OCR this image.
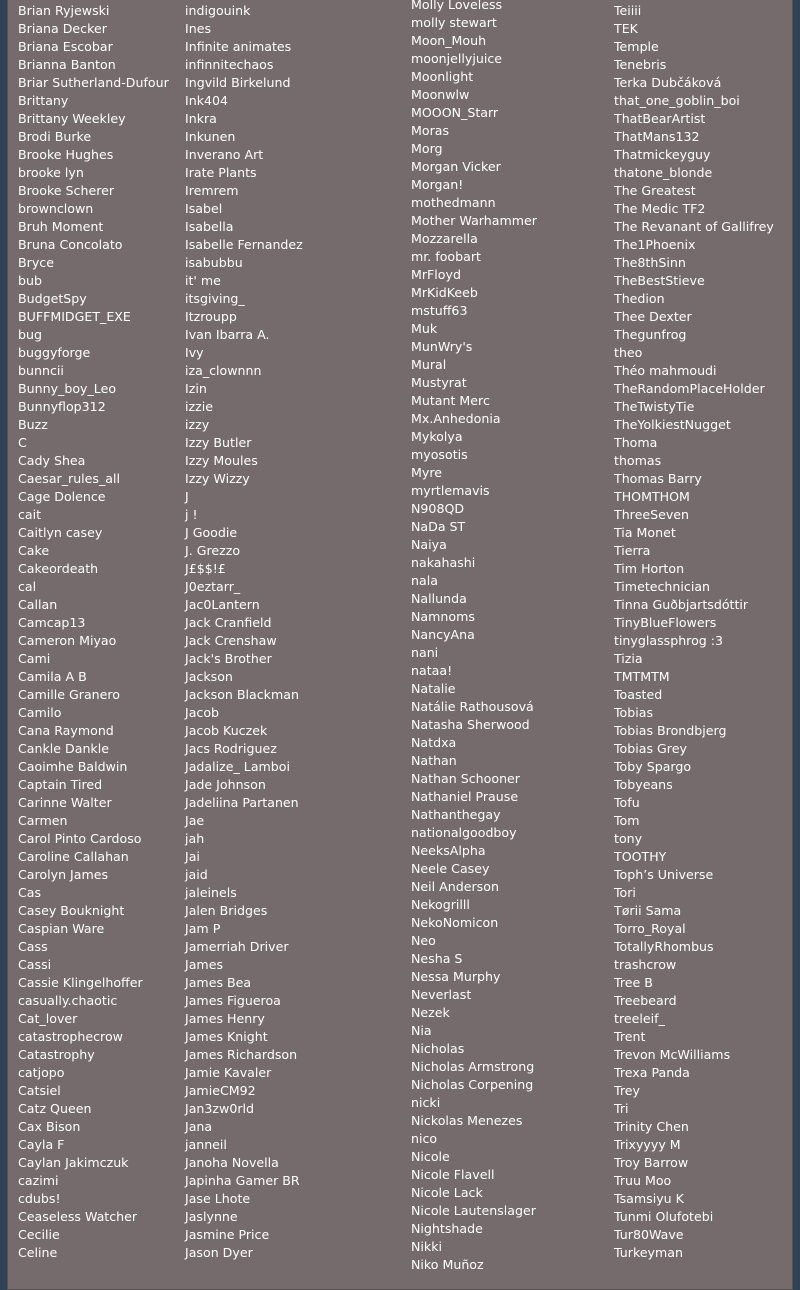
Brian Ryjewski
Briana Decker
Briana Escobar
Brianna Banton
Briar Sutherland-Dufour
Brittany
Brittany Weekley
Brodi Burke
Brooke Hughes
brooke lyn
Brooke Scherer
brownclown
Bruh Moment
Bruna Concolato
Bryce
bub
BudgetSpy
BUFFMIDGET_EXE
bug
buggyforge
bunncii
Bunny_boy_Leo
Bunnyflop312
Buzz
C
Cady Shea
Caesar_rules_all
Cage Dolence
cait
Caitlyn casey
Cake
Cakeordeath
cal
Callan
Camcap13
Cameron Miyao
Cami
Camila A B
Camille Granero
Camilo
Cana Raymond
Cankle Dankle
Caoimhe Baldwin
Captain Tired
Carinne Walter
Carmen
Carol Pinto Cardoso
Caroline Callahan
Carolyn James
Cas
Casey Bouknight
Caspian Ware
Cass
Cassi
Cassie Klingelhoffer
casually.chaotic
Cat_lover
catastrophecrow
Catastrophy
catjopo
Catsiel
Catz Queen
Cax Bison
Cayla F
Caylan Jakimczuk
cazimi
cdubs!
Ceaseless Watcher
Cecilie
Celine
indigouink
Ines
Infinite animates
infinnitechaos
Ingvild Birkelund
Ink404
Inkra
Inkunen
Inverano Art
Irate Plants
Iremrem
Isabel
Isabella
Isabelle Fernandez
isabubbu
it' me
itsgiving_
Itzroupp
Ivan Ibarra A.
Ivy
iza_clownnn
Izin
izzie
izzy
Izzy Butler
Izzy Moules
Izzy Wizzy
J
j !
J Goodie
J. Grezzo
J£$$!£
J0eztarr_
Jac0Lantern
Jack Cranfield
Jack Crenshaw
Jack's Brother
Jackson
Jackson Blackman
Jacob
Jacob Kuczek
Jacs Rodriguez
Jadalize_ Lamboi
Jade Johnson
Jadeliina Partanen
Jae
jah
Jai
jaid
jaleinels
Jalen Bridges
Jam P
Jamerriah Driver
James
James Bea
James Figueroa
James Henry
James Knight
James Richardson
Jamie Kavaler
JamieCM92
Jan3zw0rld
Jana
janneil
Janoha Novella
Japinha Gamer BR
Jase Lhote
Jaslynne
Jasmine Price
Jason Dyer
Molly Loveless
molly stewart
Moon_Mouh
moonjellyjuice
Moonlight
Moonwlw
MOOON_Starr
Moras
Morg
Morgan Vicker
Morgan!
mothedmann
Mother Warhammer
Mozzarella
mr. foobart
MrFloyd
MrKidKeeb
mstuff63
Muk
MunWry's
Mural
Mustyrat
Mutant Merc
Mx.Anhedonia
Mykolya
myosotis
Myre
myrtlemavis
N908QD
NaDa ST
Naiya
nakahashi
nala
Nallunda
Namnoms
NancyAna
nani
nataa!
Natalie
Natálie Rathousová
Natasha Sherwood
Natdxa
Nathan
Nathan Schooner
Nathaniel Prause
Nathanthegay
nationalgoodboy
NeeksAlpha
Neele Casey
Neil Anderson
Nekogrilll
NekoNomicon
Neo
Nesha S
Nessa Murphy
Neverlast
Nezek
Nia
Nicholas
Nicholas Armstrong
Nicholas Corpening
nicki
Nickolas Menezes
nico
Nicole
Nicole Flavell
Nicole Lack
Nicole Lautenslager
Nightshade
Nikki
Niko Muñoz
Teiiii
TEK
Temple
Tenebris
Terka Dubčáková
that_one_goblin_boi
ThatBearArtist
ThatMans132
Thatmickeyguy
thatone_blonde
The Greatest
The Medic TF2
The Revanant of Gallifrey
The1Phoenix
The8thSinn
TheBestStieve
Thedion
Thee Dexter
Thegunfrog
theo
Théo mahmoudi
TheRandomPlaceHolder
TheTwistyTie
TheYolkiestNugget
Thoma
thomas
Thomas Barry
THOMTHOM
ThreeSeven
Tia Monet
Tierra
Tim Horton
Timetechnician
Tinna Guðbjartsdóttir
TinyBlueFlowers
tinyglassphrog :3
Tizia
TMTMTM
Toasted
Tobias
Tobias Brondbjerg
Tobias Grey
Toby Spargo
Tobyeans
Tofu
Tom
tony
TOOTHY
Toph’s Universe
Tori
Tørii Sama
Torro_Royal
TotallyRhombus
trashcrow
Tree B
Treebeard
treeleif_
Trent
Trevon McWilliams
Trexa Panda
Trey
Tri
Trinity Chen
Trixyyyy M
Troy Barrow
Truu Moo
Tsamsiyu K
Tunmi Olufotebi
Tur80Wave
Turkeyman
